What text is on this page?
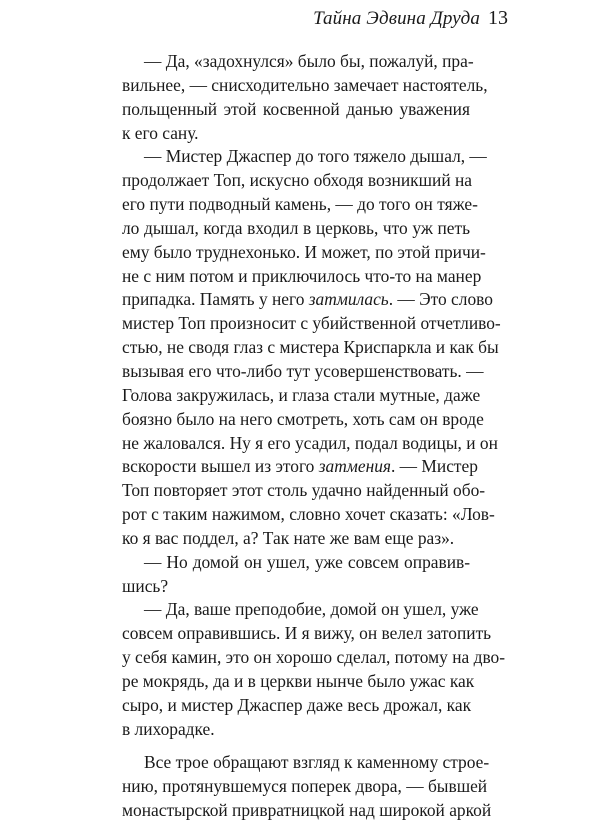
Тайна Эдвина Друда 13
— Да, «задохнулся» было бы, пожалуй, пра-
вильнее, — снисходительно замечает настоятель,
польщенный этой косвенной данью уважения
к его сану.
— Мистер Джаспер до того тяжело дышал, —
продолжает Топ, искусно обходя возникший на
его пути подводный камень, — до того он тяже-
ло дышал, когда входил в церковь, что уж петь
ему было труднехонько. И может, по этой причи-
не с ним потом и приключилось что-то на манер
припадка. Память у него затмилась. — Это слово
мистер Топ произносит с убийственной отчетливо-
стью, не сводя глаз с мистера Криспаркла и как бы
вызывая его что-либо тут усовершенствовать. —
Голова закружилась, и глаза стали мутные, даже
боязно было на него смотреть, хоть сам он вроде
не жаловался. Ну я его усадил, подал водицы, и он
вскорости вышел из этого затмения. — Мистер
Топ повторяет этот столь удачно найденный обо-
рот с таким нажимом, словно хочет сказать: «Лов-
ко я вас поддел, а? Так нате же вам еще раз».
— Но домой он ушел, уже совсем оправив-
шись?
— Да, ваше преподобие, домой он ушел, уже
совсем оправившись. И я вижу, он велел затопить
у себя камин, это он хорошо сделал, потому на дво-
ре мокрядь, да и в церкви нынче было ужас как
сыро, и мистер Джаспер даже весь дрожал, как
в лихорадке.
Все трое обращают взгляд к каменному строе-
нию, протянувшемуся поперек двора, — бывшей
монастырской привратницкой над широкой аркой
